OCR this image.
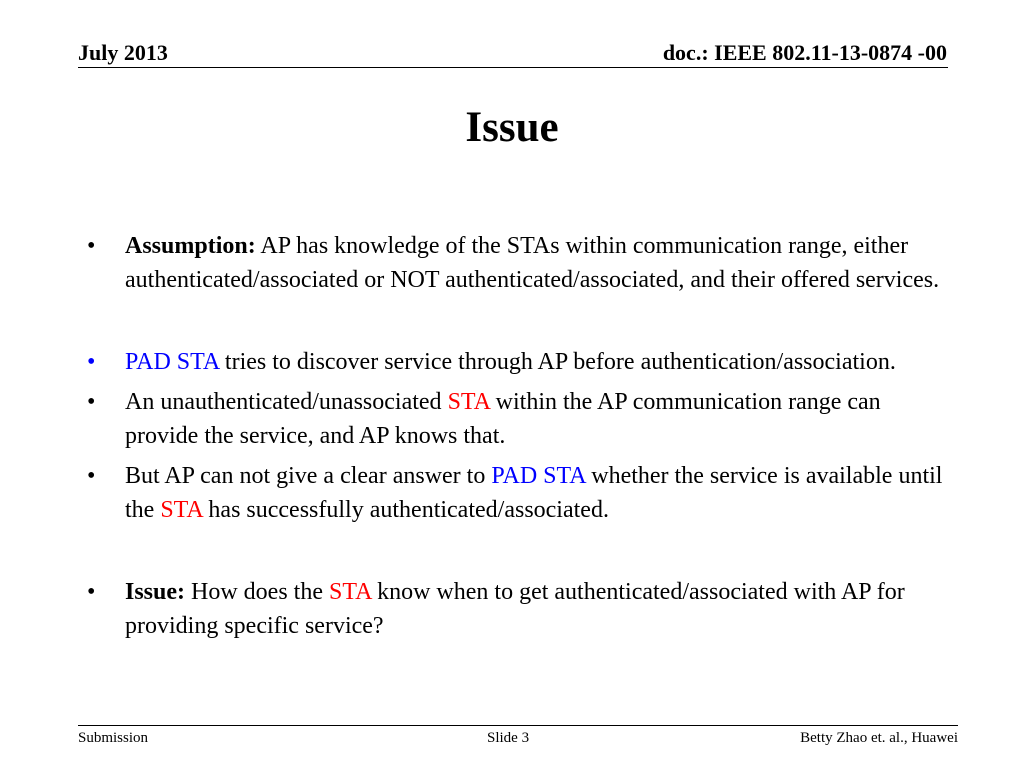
July 2013	doc.: IEEE 802.11-13-0874 -00
Issue
• Assumption: AP has knowledge of the STAs within communication range, either authenticated/associated or NOT authenticated/associated, and their offered services.
• PAD STA tries to discover service through AP before authentication/association.
• An unauthenticated/unassociated STA within the AP communication range can provide the service, and AP knows that.
• But AP can not give a clear answer to PAD STA whether the service is available until the STA has successfully authenticated/associated.
• Issue: How does the STA know when to get authenticated/associated with AP for providing specific service?
Submission	Slide 3	Betty Zhao et. al., Huawei
